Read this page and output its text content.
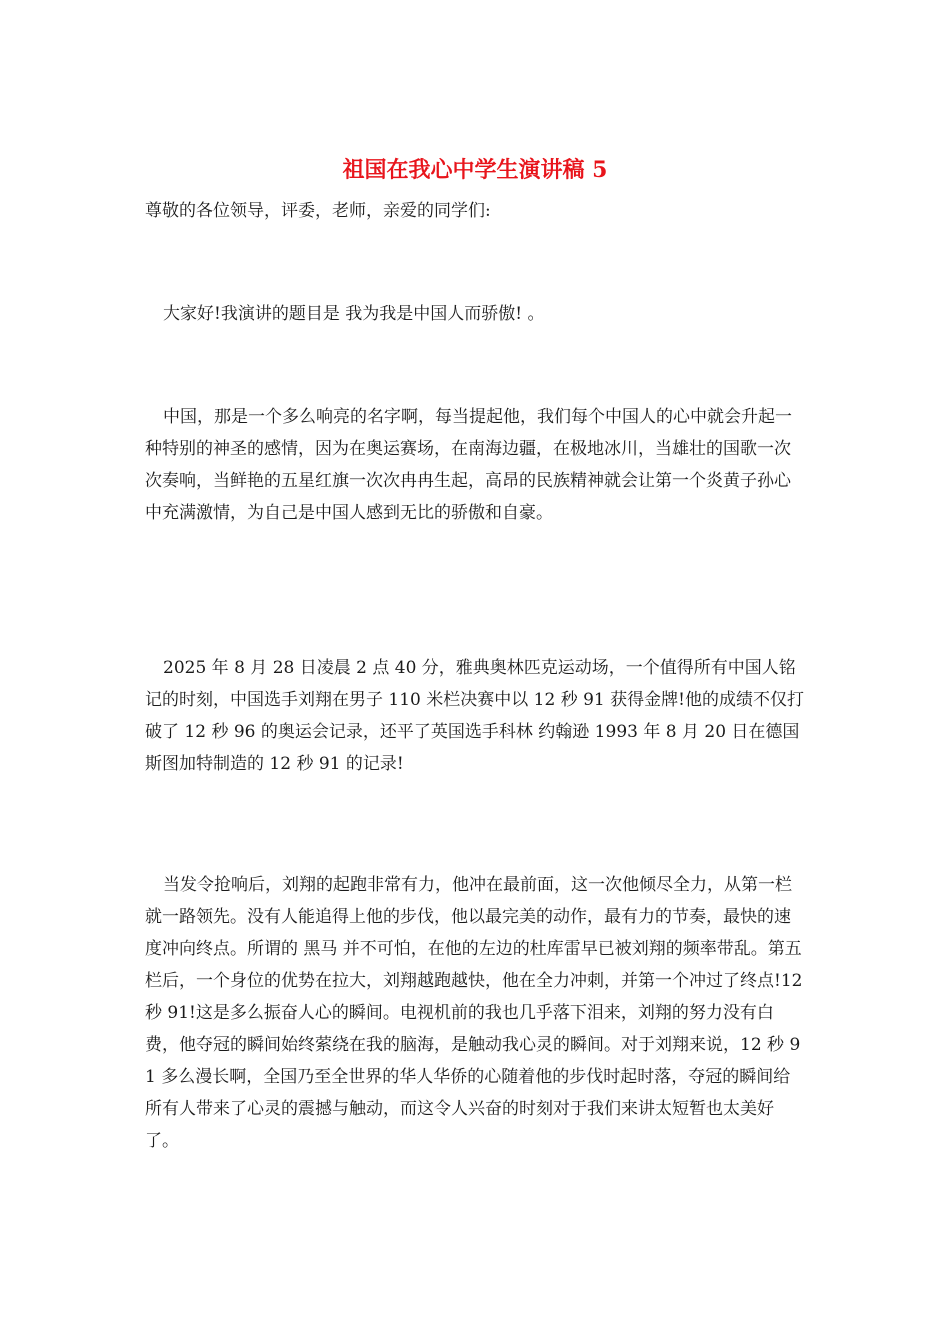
祖国在我心中学生演讲稿 5

尊敬的各位领导，评委，老师，亲爱的同学们:

大家好!我演讲的题目是 我为我是中国人而骄傲! 。

中国，那是一个多么响亮的名字啊，每当提起他，我们每个中国人的心中就会升起一种特别的神圣的感情，因为在奥运赛场，在南海边疆，在极地冰川，当雄壮的国歌一次次奏响，当鲜艳的五星红旗一次次冉冉生起，高昂的民族精神就会让第一个炎黄子孙心中充满激情，为自己是中国人感到无比的骄傲和自豪。

2025 年 8 月 28 日凌晨 2 点 40 分，雅典奥林匹克运动场，一个值得所有中国人铭记的时刻，中国选手刘翔在男子 110 米栏决赛中以 12 秒 91 获得金牌!他的成绩不仅打破了 12 秒 96 的奥运会记录，还平了英国选手科林 约翰逊 1993 年 8 月 20 日在德国斯图加特制造的 12 秒 91 的记录!

当发令抢响后，刘翔的起跑非常有力，他冲在最前面，这一次他倾尽全力，从第一栏就一路领先。没有人能追得上他的步伐，他以最完美的动作，最有力的节奏，最快的速度冲向终点。所谓的 黑马 并不可怕，在他的左边的杜库雷早已被刘翔的频率带乱。第五栏后，一个身位的优势在拉大，刘翔越跑越快，他在全力冲刺，并第一个冲过了终点!12 秒 91!这是多么振奋人心的瞬间。电视机前的我也几乎落下泪来，刘翔的努力没有白费，他夺冠的瞬间始终萦绕在我的脑海，是触动我心灵的瞬间。对于刘翔来说，12 秒 91 多么漫长啊，全国乃至全世界的华人华侨的心随着他的步伐时起时落，夺冠的瞬间给所有人带来了心灵的震撼与触动，而这令人兴奋的时刻对于我们来讲太短暂也太美好了。
